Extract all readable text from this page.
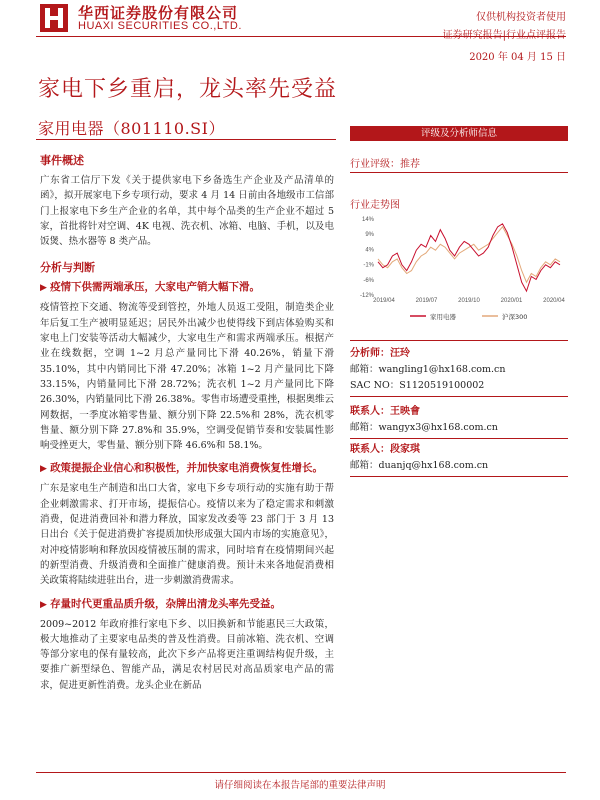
华西证券股份有限公司
HUAXI SECURITIES CO.,LTD.
仅供机构投资者使用
2020 年 04 月 15 日
家电下乡重启，龙头率先受益
家用电器（801110.SI）
事件概述
广东省工信厅下发《关于提供家电下乡备选生产企业及产品清单的函》，拟开展家电下乡专项行动，要求 4 月 14 日前由各地级市工信部门上报家电下乡生产企业的名单，其中每个品类的生产企业不超过 5 家，首批将针对空调、4K 电视、洗衣机、冰箱、电脑、手机，以及电饭煲、热水器等 8 类产品。
分析与判断
▶ 疫情下供需两端承压，大家电产销大幅下滑。
疫情管控下交通、物流等受到管控，外地人员返工受阻，制造类企业年后复工生产被明显延迟；居民外出减少也使得线下到店体验购买和家电上门安装等活动大幅减少，大家电生产和需求两端承压。根据产业在线数据，空调 1~2 月总产量同比下滑 40.26%，销量下滑 35.10%，其中内销同比下滑 47.20%；冰箱 1~2 月产量同比下降 33.15%，内销量同比下滑 28.72%；洗衣机 1~2 月产量同比下降 26.30%，内销量同比下滑 26.38%。零售市场遭受重挫，根据奥维云网数据，一季度冰箱零售量、额分别下降 22.5%和 28%，洗衣机零售量、额分别下降 27.8%和 35.9%，空调受促销节奏和安装属性影响受挫更大，零售量、额分别下降 46.6%和 58.1%。
▶ 政策提振企业信心和积极性，并加快家电消费恢复性增长。
广东是家电生产制造和出口大省，家电下乡专项行动的实施有助于帮企业刺激需求、打开市场，提振信心。疫情以来为了稳定需求和刺激消费，促进消费回补和潜力释放，国家发改委等 23 部门于 3 月 13 日出台《关于促进消费扩容提质加快形成强大国内市场的实施意见》，对冲疫情影响和释放因疫情被压制的需求，同时培育在疫情期间兴起的新型消费、升级消费和全面推广健康消费。预计未来各地促消费相关政策将陆续进驻出台，进一步刺激消费需求。
▶ 存量时代更重品质升级，杂牌出清龙头率先受益。
2009~2012 年政府推行家电下乡、以旧换新和节能惠民三大政策，极大地推动了主要家电品类的普及性消费。目前冰箱、洗衣机、空调等部分家电的保有量较高，此次下乡产品将更注重调结构促升级，主要推广新型绿色、智能产品，满足农村居民对高品质家电产品的需求，促进更新性消费。龙头企业在新品
评级及分析师信息
行业评级：推荐
行业走势图
14%
9%
4%
-1%
-6%
-12%
2019/04	2019/07	2019/10	2020/01	2020/04
家用电器	沪深300
分析师：汪玲
邮箱：wangling1@hx168.com.cn
SAC NO：S1120519100002
联系人：王映會
邮箱：wangyx3@hx168.com.cn
联系人：段家琪
邮箱：duanjq@hx168.com.cn
请仔细阅读在本报告尾部的重要法律声明
